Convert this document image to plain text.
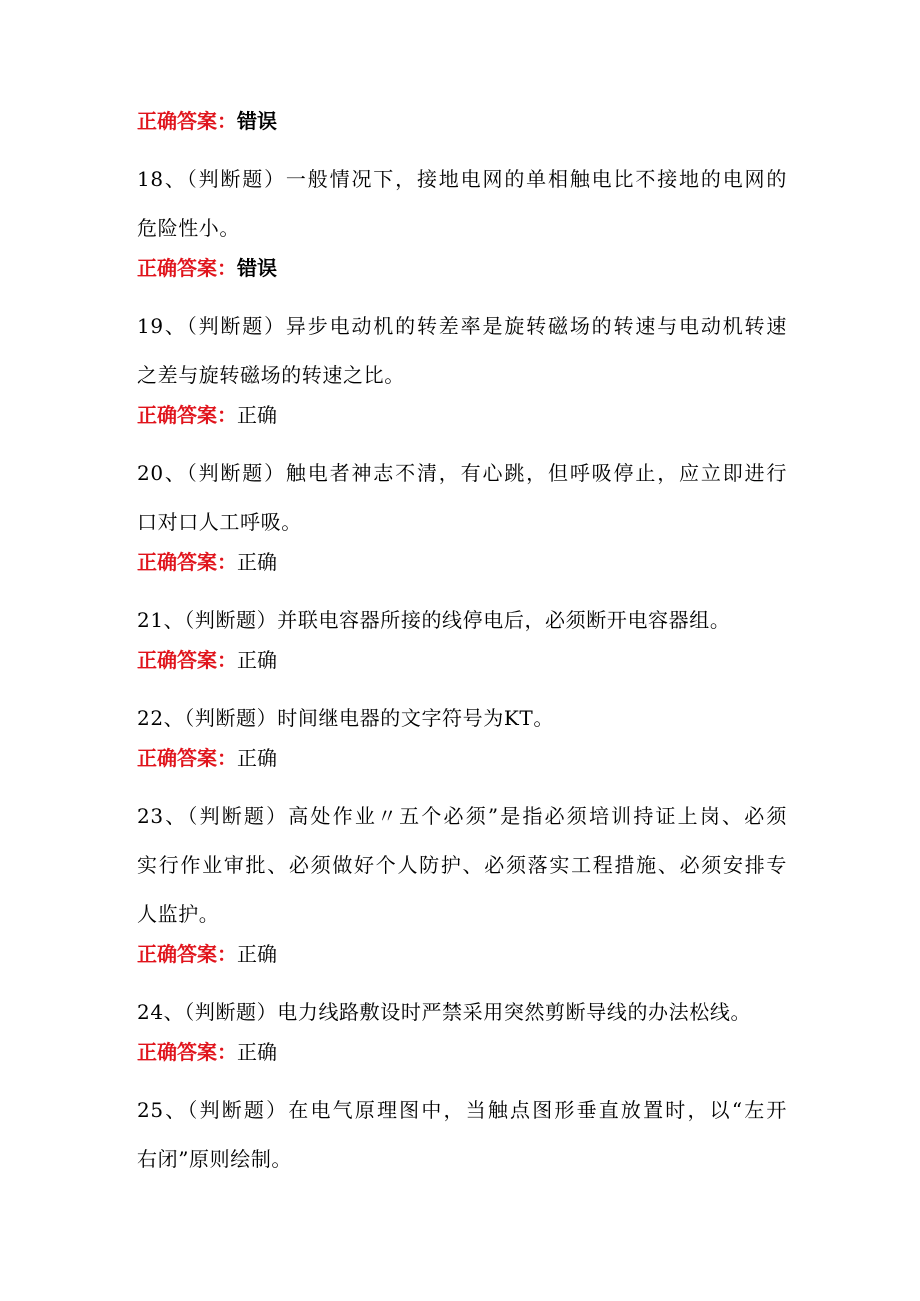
正确答案：错误
18、（判断题）一般情况下，接地电网的单相触电比不接地的电网的
危险性小。
正确答案：错误
19、（判断题）异步电动机的转差率是旋转磁场的转速与电动机转速
之差与旋转磁场的转速之比。
正确答案：正确
20、（判断题）触电者神志不清，有心跳，但呼吸停止，应立即进行
口对口人工呼吸。
正确答案：正确
21、（判断题）并联电容器所接的线停电后，必须断开电容器组。
正确答案：正确
22、（判断题）时间继电器的文字符号为KT。
正确答案：正确
23、（判断题）高处作业〃五个必须”是指必须培训持证上岗、必须
实行作业审批、必须做好个人防护、必须落实工程措施、必须安排专
人监护。
正确答案：正确
24、（判断题）电力线路敷设时严禁采用突然剪断导线的办法松线。
正确答案：正确
25、（判断题）在电气原理图中，当触点图形垂直放置时，以“左开
右闭”原则绘制。
